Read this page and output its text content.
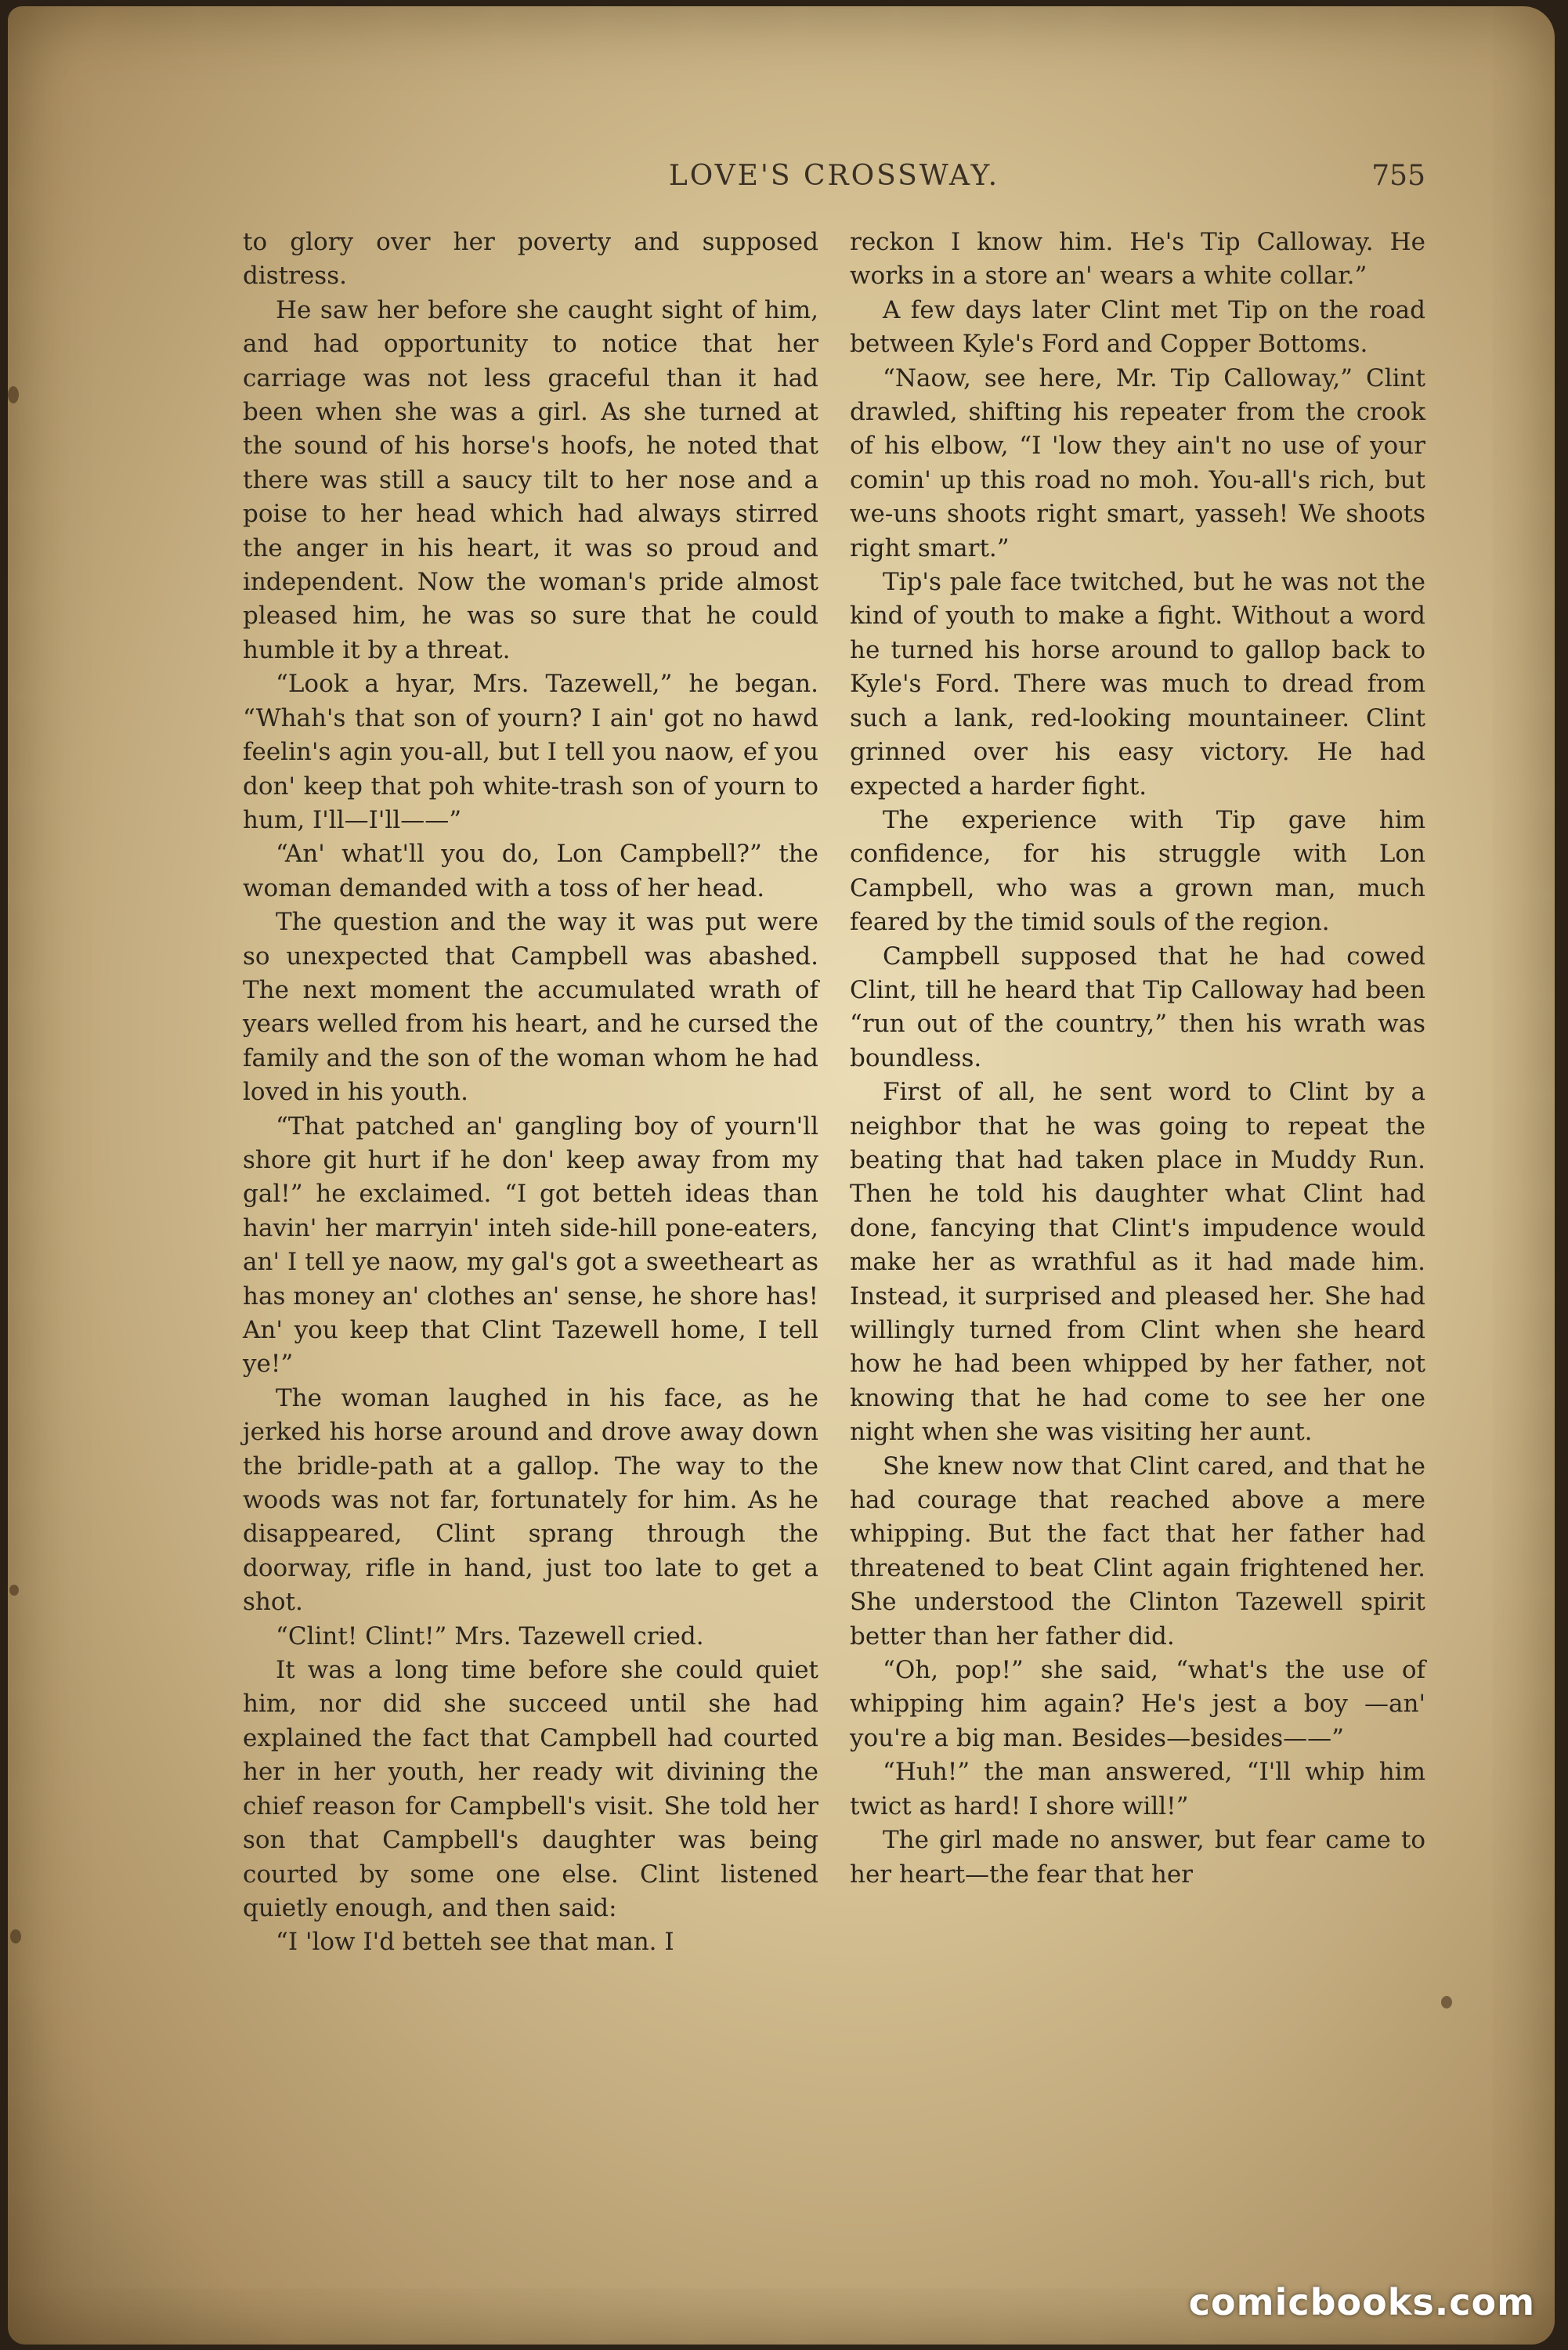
LOVE'S CROSSWAY.	755

to glory over her poverty and supposed distress.

He saw her before she caught sight of him, and had opportunity to notice that her carriage was not less graceful than it had been when she was a girl. As she turned at the sound of his horse's hoofs, he noted that there was still a saucy tilt to her nose and a poise to her head which had always stirred the anger in his heart, it was so proud and independent. Now the woman's pride almost pleased him, he was so sure that he could humble it by a threat.

“Look a hyar, Mrs. Tazewell,” he began. “Whah's that son of yourn? I ain' got no hawd feelin's agin you-all, but I tell you naow, ef you don' keep that poh white-trash son of yourn to hum, I'll—I'll——”

“An' what'll you do, Lon Campbell?” the woman demanded with a toss of her head.

The question and the way it was put were so unexpected that Campbell was abashed. The next moment the accumulated wrath of years welled from his heart, and he cursed the family and the son of the woman whom he had loved in his youth.

“That patched an' gangling boy of yourn'll shore git hurt if he don' keep away from my gal!” he exclaimed. “I got betteh ideas than havin' her marryin' inteh side-hill pone-eaters, an' I tell ye naow, my gal's got a sweetheart as has money an' clothes an' sense, he shore has! An' you keep that Clint Tazewell home, I tell ye!”

The woman laughed in his face, as he jerked his horse around and drove away down the bridle-path at a gallop. The way to the woods was not far, fortunately for him. As he disappeared, Clint sprang through the doorway, rifle in hand, just too late to get a shot.

“Clint! Clint!” Mrs. Tazewell cried.

It was a long time before she could quiet him, nor did she succeed until she had explained the fact that Campbell had courted her in her youth, her ready wit divining the chief reason for Campbell's visit. She told her son that Campbell's daughter was being courted by some one else. Clint listened quietly enough, and then said:

“I 'low I'd betteh see that man. I

reckon I know him. He's Tip Calloway. He works in a store an' wears a white collar.”

A few days later Clint met Tip on the road between Kyle's Ford and Copper Bottoms.

“Naow, see here, Mr. Tip Calloway,” Clint drawled, shifting his repeater from the crook of his elbow, “I 'low they ain't no use of your comin' up this road no moh. You-all's rich, but we-uns shoots right smart, yasseh! We shoots right smart.”

Tip's pale face twitched, but he was not the kind of youth to make a fight. Without a word he turned his horse around to gallop back to Kyle's Ford. There was much to dread from such a lank, red-looking mountaineer. Clint grinned over his easy victory. He had expected a harder fight.

The experience with Tip gave him confidence, for his struggle with Lon Campbell, who was a grown man, much feared by the timid souls of the region.

Campbell supposed that he had cowed Clint, till he heard that Tip Calloway had been “run out of the country,” then his wrath was boundless.

First of all, he sent word to Clint by a neighbor that he was going to repeat the beating that had taken place in Muddy Run. Then he told his daughter what Clint had done, fancying that Clint's impudence would make her as wrathful as it had made him. Instead, it surprised and pleased her. She had willingly turned from Clint when she heard how he had been whipped by her father, not knowing that he had come to see her one night when she was visiting her aunt.

She knew now that Clint cared, and that he had courage that reached above a mere whipping. But the fact that her father had threatened to beat Clint again frightened her. She understood the Clinton Tazewell spirit better than her father did.

“Oh, pop!” she said, “what's the use of whipping him again? He's jest a boy —an' you're a big man. Besides—besides——”

“Huh!” the man answered, “I'll whip him twict as hard! I shore will!”

The girl made no answer, but fear came to her heart—the fear that her

comicbooks.com
